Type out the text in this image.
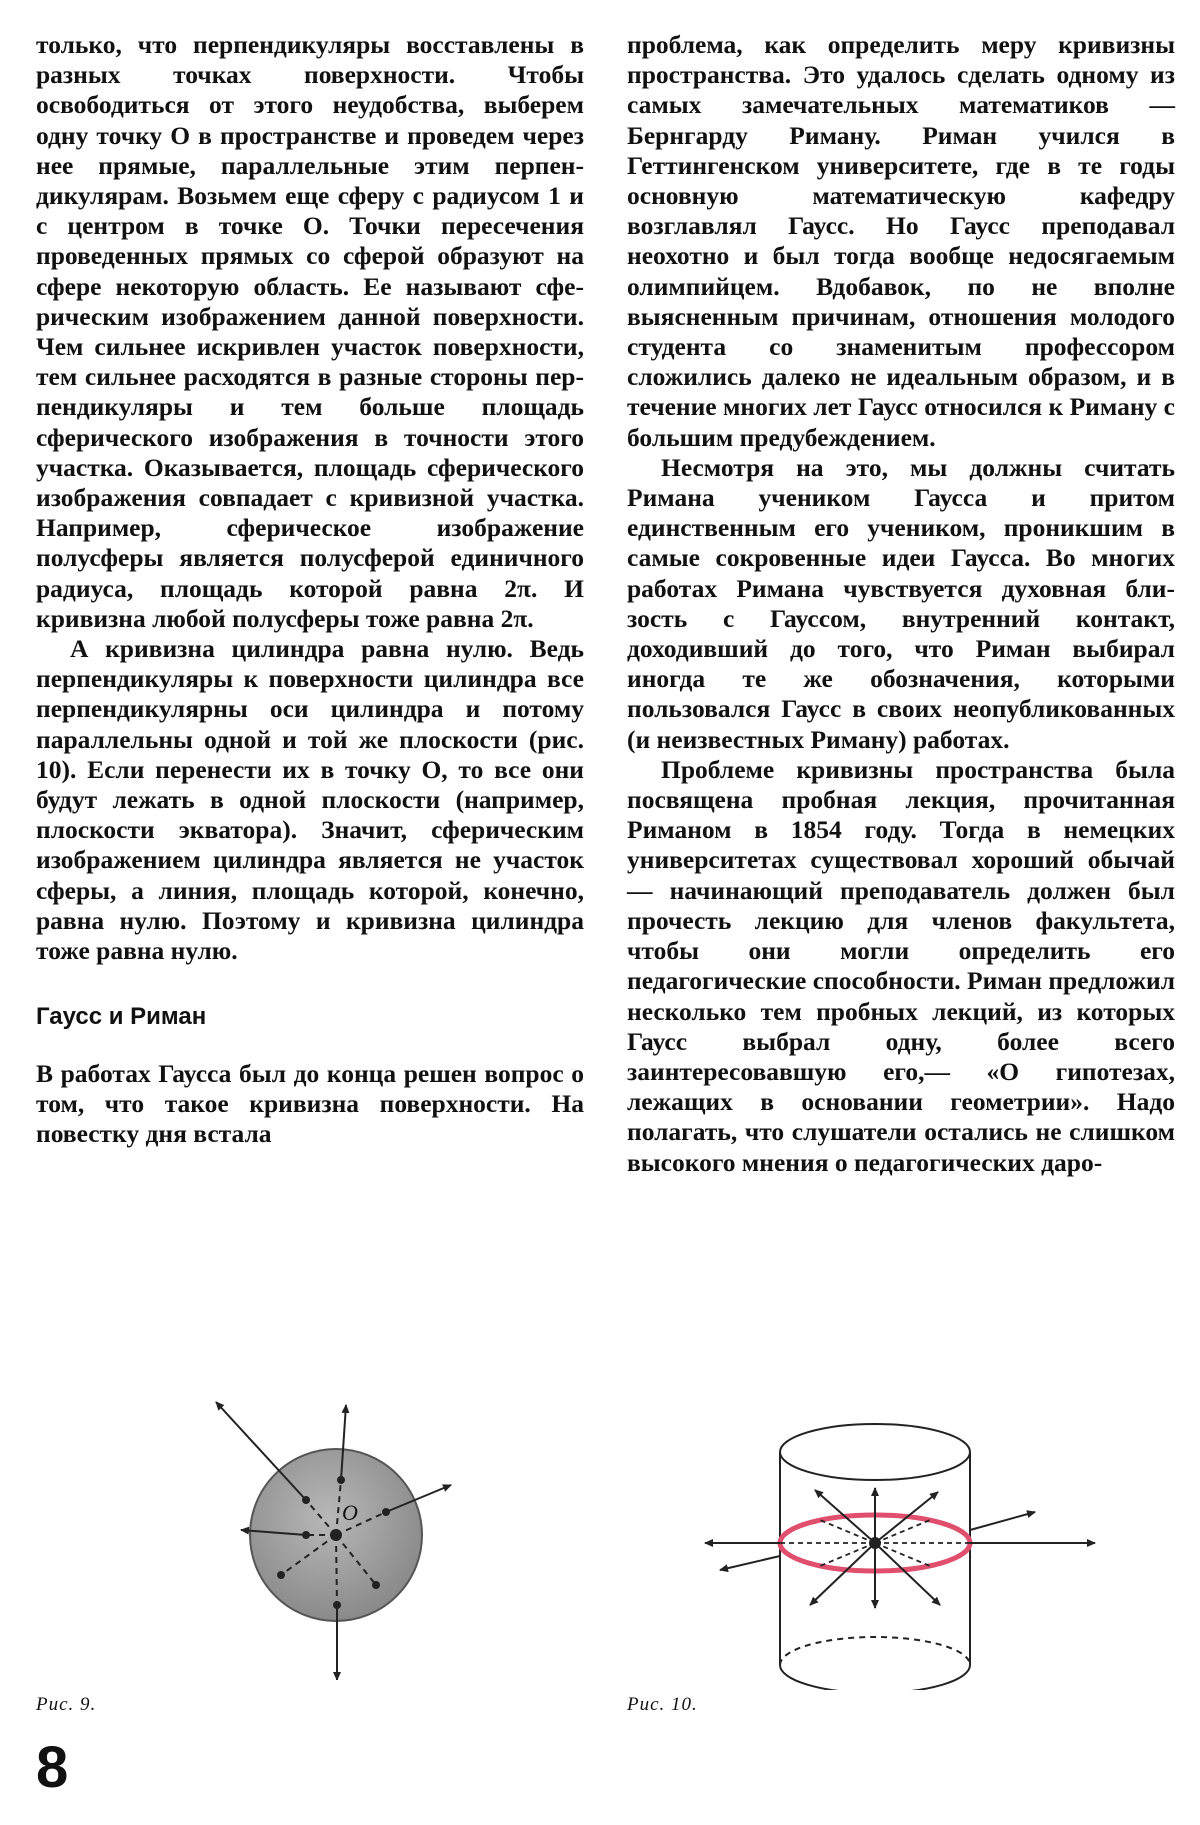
только, что перпендикуляры восставлены в разных точках поверхности. Чтобы освободиться от этого неудобства, выберем одну точку O в пространстве и проведем через нее прямые, параллельные этим перпендикулярам. Возьмем еще сферу с радиусом 1 и с центром в точке O. Точки пересечения проведенных прямых со сферой образуют на сфере некоторую область. Ее называют сферическим изображением данной поверхности. Чем сильнее искривлен участок поверхности, тем сильнее расходятся в разные стороны перпендикуляры и тем больше площадь сферического изображения в точности этого участка. Оказывается, площадь сферического изображения совпадает с кривизной участка. Например, сферическое изображение полусферы является полусферой единичного радиуса, площадь которой равна 2π. И кривизна любой полусферы тоже равна 2π.

А кривизна цилиндра равна нулю. Ведь перпендикуляры к поверхности цилиндра все перпендикулярны оси цилиндра и потому параллельны одной и той же плоскости (рис. 10). Если перенести их в точку O, то все они будут лежать в одной плоскости (например, плоскости экватора). Значит, сферическим изображением цилиндра является не участок сферы, а линия, площадь которой, конечно, равна нулю. Поэтому и кривизна цилиндра тоже равна нулю.

Гаусс и Риман

В работах Гаусса был до конца решен вопрос о том, что такое кривизна поверхности. На повестку дня встала

проблема, как определить меру кривизны пространства. Это удалось сделать одному из самых замечательных математиков — Бернгарду Риману. Риман учился в Геттингенском университете, где в те годы основную математическую кафедру возглавлял Гаусс. Но Гаусс преподавал неохотно и был тогда вообще недосягаемым олимпийцем. Вдобавок, по не вполне выясненным причинам, отношения молодого студента со знаменитым профессором сложились далеко не идеальным образом, и в течение многих лет Гаусс относился к Риману с большим предубеждением.

Несмотря на это, мы должны считать Римана учеником Гаусса и притом единственным его учеником, проникшим в самые сокровенные идеи Гаусса. Во многих работах Римана чувствуется духовная близость с Гауссом, внутренний контакт, доходивший до того, что Риман выбирал иногда те же обозначения, которыми пользовался Гаусс в своих неопубликованных (и неизвестных Риману) работах.

Проблеме кривизны пространства была посвящена пробная лекция, прочитанная Риманом в 1854 году. Тогда в немецких университетах существовал хороший обычай — начинающий преподаватель должен был прочесть лекцию для членов факультета, чтобы они могли определить его педагогические способности. Риман предложил несколько тем пробных лекций, из которых Гаусс выбрал одну, более всего заинтересовавшую его,— «О гипотезах, лежащих в основании геометрии». Надо полагать, что слушатели остались не слишком высокого мнения о педагогических даро-

O
Рис. 9.	Рис. 10.
8
